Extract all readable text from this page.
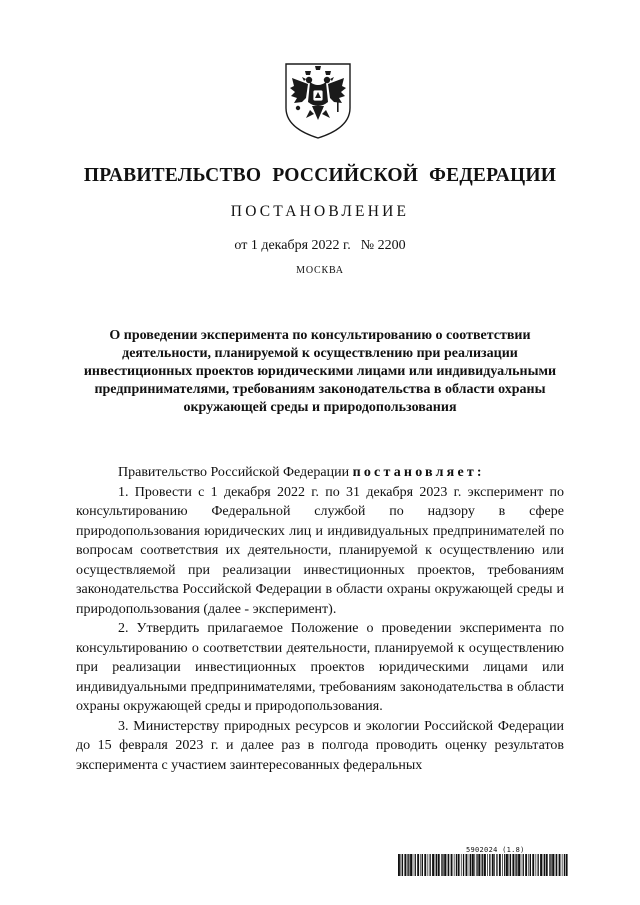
ПРАВИТЕЛЬСТВО РОССИЙСКОЙ ФЕДЕРАЦИИ
ПОСТАНОВЛЕНИЕ
от 1 декабря 2022 г. № 2200
МОСКВА
О проведении эксперимента по консультированию о соответствии деятельности, планируемой к осуществлению при реализации инвестиционных проектов юридическими лицами или индивидуальными предпринимателями, требованиям законодательства в области охраны окружающей среды и природопользования

Правительство Российской Федерации постановляет:

1. Провести с 1 декабря 2022 г. по 31 декабря 2023 г. эксперимент по консультированию Федеральной службой по надзору в сфере природопользования юридических лиц и индивидуальных предпринимателей по вопросам соответствия их деятельности, планируемой к осуществлению или осуществляемой при реализации инвестиционных проектов, требованиям законодательства Российской Федерации в области охраны окружающей среды и природопользования (далее - эксперимент).

2. Утвердить прилагаемое Положение о проведении эксперимента по консультированию о соответствии деятельности, планируемой к осуществлению при реализации инвестиционных проектов юридическими лицами или индивидуальными предпринимателями, требованиям законодательства в области охраны окружающей среды и природопользования.

3. Министерству природных ресурсов и экологии Российской Федерации до 15 февраля 2023 г. и далее раз в полгода проводить оценку результатов эксперимента с участием заинтересованных федеральных

5902024 (1.8)
